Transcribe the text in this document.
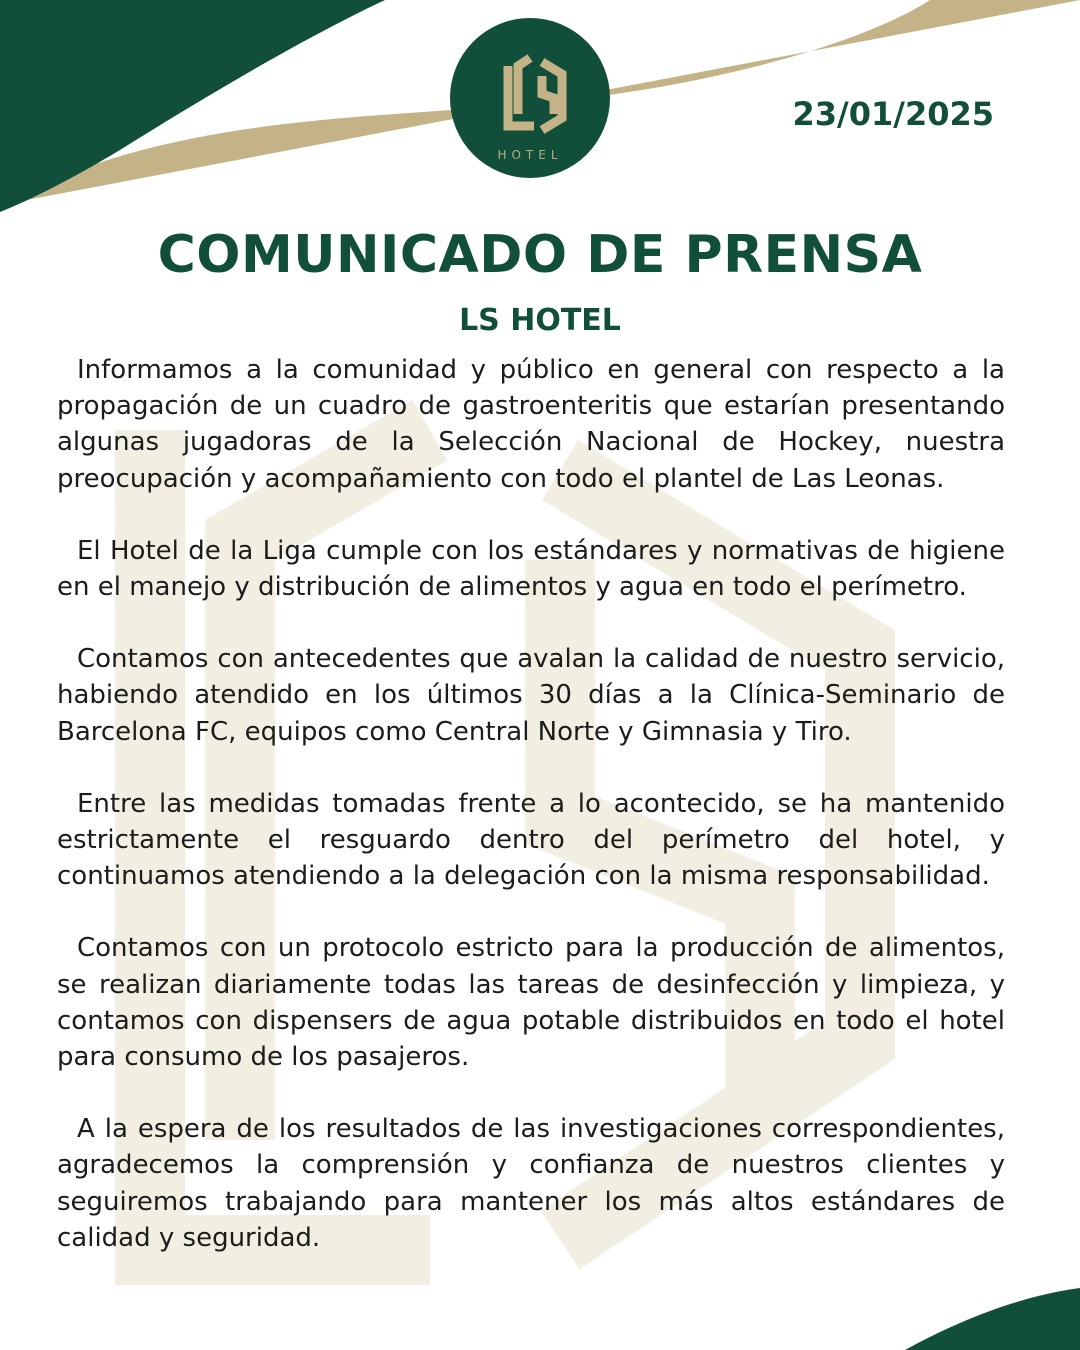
HOTEL
23/01/2025
COMUNICADO DE PRENSA
LS HOTEL

Informamos a la comunidad y público en general con respecto a la propagación de un cuadro de gastroenteritis que estarían presentando algunas jugadoras de la Selección Nacional de Hockey, nuestra preocupación y acompañamiento con todo el plantel de Las Leonas.

El Hotel de la Liga cumple con los estándares y normativas de higiene en el manejo y distribución de alimentos y agua en todo el perímetro.

Contamos con antecedentes que avalan la calidad de nuestro servicio, habiendo atendido en los últimos 30 días a la Clínica-Seminario de Barcelona FC, equipos como Central Norte y Gimnasia y Tiro.

Entre las medidas tomadas frente a lo acontecido, se ha mantenido estrictamente el resguardo dentro del perímetro del hotel, y continuamos atendiendo a la delegación con la misma responsabilidad.

Contamos con un protocolo estricto para la producción de alimentos, se realizan diariamente todas las tareas de desinfección y limpieza, y contamos con dispensers de agua potable distribuidos en todo el hotel para consumo de los pasajeros.

A la espera de los resultados de las investigaciones correspondientes, agradecemos la comprensión y confianza de nuestros clientes y seguiremos trabajando para mantener los más altos estándares de calidad y seguridad.
